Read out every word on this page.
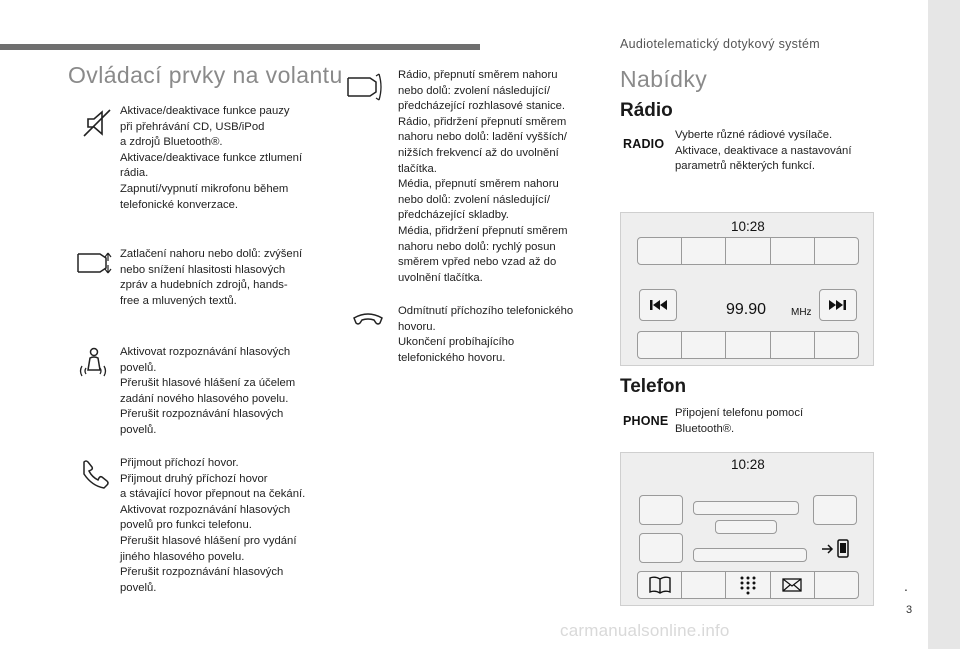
Audiotelematický dotykový systém
.
3
carmanualsonline.info
Ovládací prvky na volantu

Aktivace/deaktivace funkce pauzy
při přehrávání CD, USB/iPod
a zdrojů Bluetooth®.
Aktivace/deaktivace funkce ztlumení
rádia.
Zapnutí/vypnutí mikrofonu během
telefonické konverzace.

Zatlačení nahoru nebo dolů: zvýšení
nebo snížení hlasitosti hlasových
zpráv a hudebních zdrojů, hands-
free a mluvených textů.

Aktivovat rozpoznávání hlasových
povelů.
Přerušit hlasové hlášení za účelem
zadání nového hlasového povelu.
Přerušit rozpoznávání hlasových
povelů.

Přijmout příchozí hovor.
Přijmout druhý příchozí hovor
a stávající hovor přepnout na čekání.
Aktivovat rozpoznávání hlasových
povelů pro funkci telefonu.
Přerušit hlasové hlášení pro vydání
jiného hlasového povelu.
Přerušit rozpoznávání hlasových
povelů.

Rádio, přepnutí směrem nahoru
nebo dolů: zvolení následující/
předcházející rozhlasové stanice.
Rádio, přidržení přepnutí směrem
nahoru nebo dolů: ladění vyšších/
nižších frekvencí až do uvolnění
tlačítka.
Média, přepnutí směrem nahoru
nebo dolů: zvolení následující/
předcházející skladby.
Média, přidržení přepnutí směrem
nahoru nebo dolů: rychlý posun
směrem vpřed nebo vzad až do
uvolnění tlačítka.

Odmítnutí příchozího telefonického
hovoru.
Ukončení probíhajícího
telefonického hovoru.

Nabídky
Rádio
RADIO

Vyberte různé rádiové vysílače.
Aktivace, deaktivace a nastavování
parametrů některých funkcí.

10:28
99.90 MHz
Telefon
PHONE

Připojení telefonu pomocí
Bluetooth®.

10:28
